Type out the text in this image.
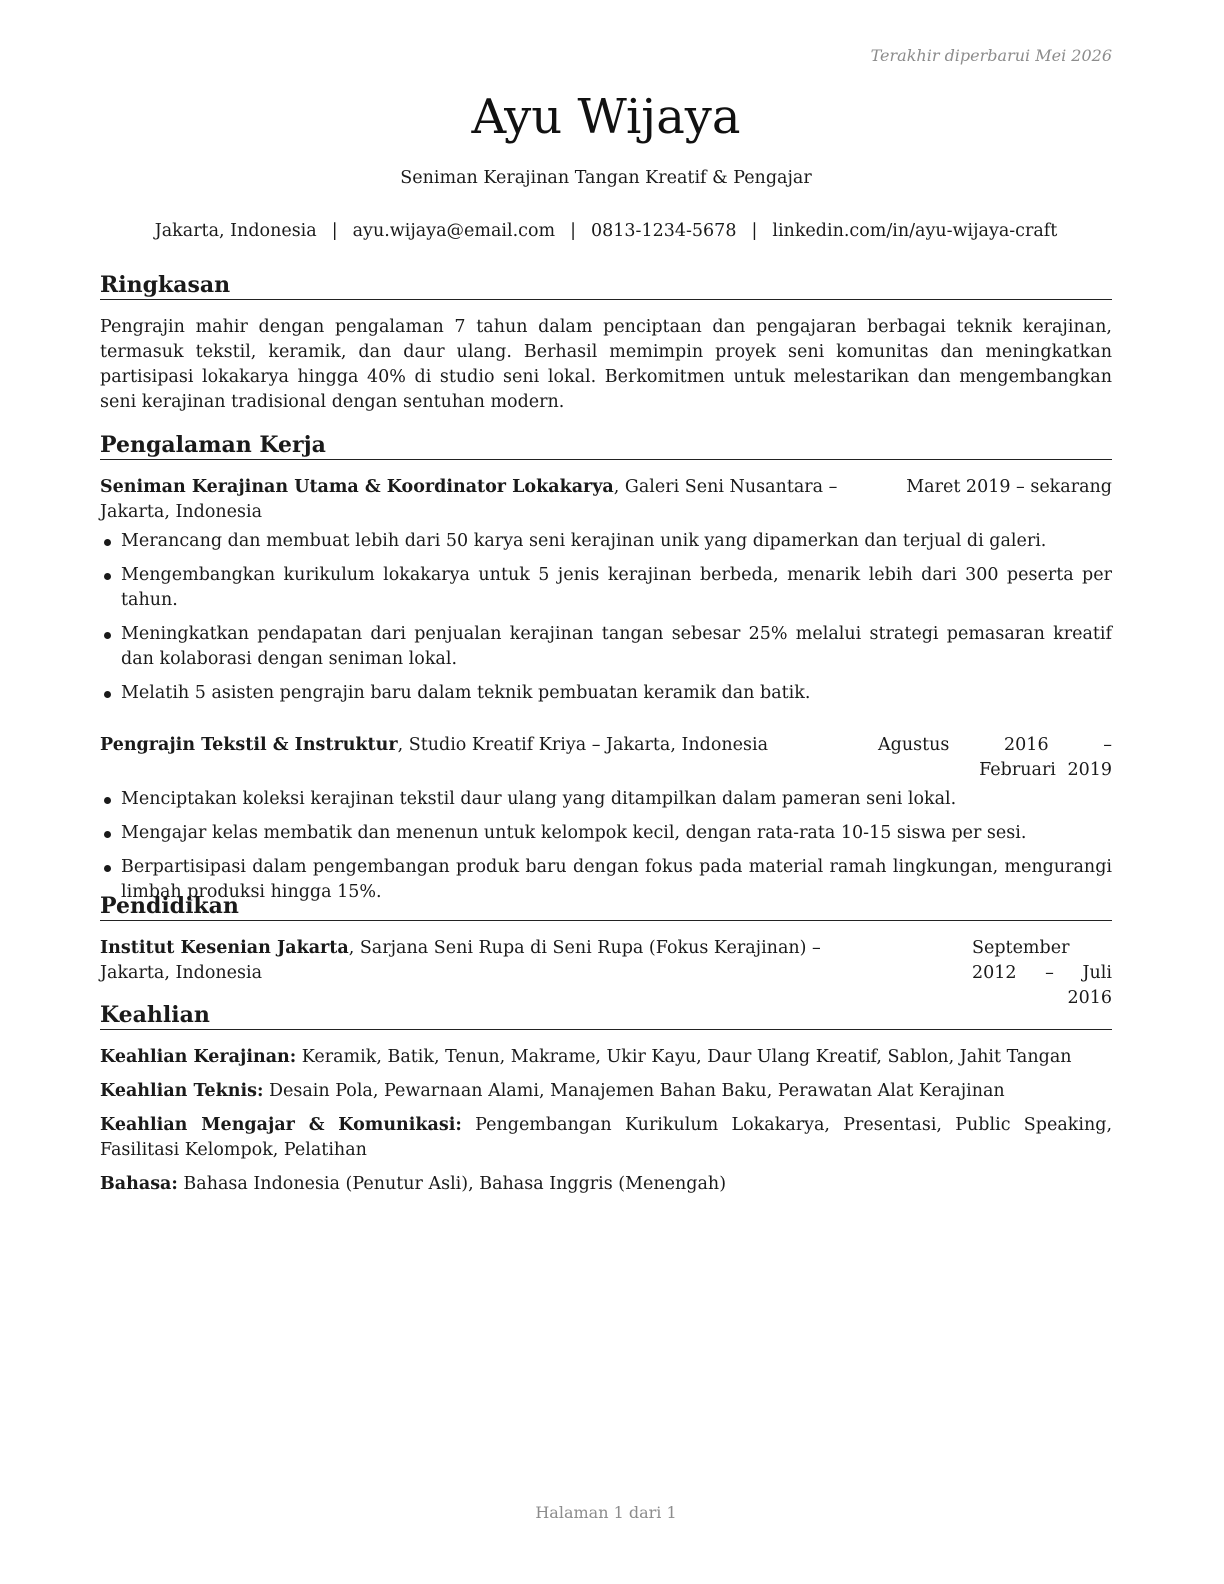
Terakhir diperbarui Mei 2026
Ayu Wijaya
Seniman Kerajinan Tangan Kreatif & Pengajar
Jakarta, Indonesia | ayu.wijaya@email.com | 0813-1234-5678 | linkedin.com/in/ayu-wijaya-craft
Ringkasan

Pengrajin mahir dengan pengalaman 7 tahun dalam penciptaan dan pengajaran berbagai teknik kerajinan, termasuk tekstil, keramik, dan daur ulang. Berhasil memimpin proyek seni komunitas dan meningkatkan partisipasi lokakarya hingga 40% di studio seni lokal. Berkomitmen untuk melestarikan dan mengembangkan seni kerajinan tradisional dengan sentuhan modern.

Pengalaman Kerja
Seniman Kerajinan Utama & Koordinator Lokakarya, Galeri Seni Nusantara – Jakarta, Indonesia
Maret 2019 – sekarang
Merancang dan membuat lebih dari 50 karya seni kerajinan unik yang dipamerkan dan terjual di galeri.
Mengembangkan kurikulum lokakarya untuk 5 jenis kerajinan berbeda, menarik lebih dari 300 peserta per tahun.
Meningkatkan pendapatan dari penjualan kerajinan tangan sebesar 25% melalui strategi pemasaran kreatif dan kolaborasi dengan seniman lokal.
Melatih 5 asisten pengrajin baru dalam teknik pembuatan keramik dan batik.
Pengrajin Tekstil & Instruktur, Studio Kreatif Kriya – Jakarta, Indonesia	Agustus 2016 – Februari 2019
Menciptakan koleksi kerajinan tekstil daur ulang yang ditampilkan dalam pameran seni lokal.
Mengajar kelas membatik dan menenun untuk kelompok kecil, dengan rata-rata 10-15 siswa per sesi.
Berpartisipasi dalam pengembangan produk baru dengan fokus pada material ramah lingkungan, mengurangi limbah produksi hingga 15%.
Pendidikan
Institut Kesenian Jakarta, Sarjana Seni Rupa di Seni Rupa (Fokus Kerajinan) – Jakarta, Indonesia
September 2012 – Juli 2016
Keahlian

Keahlian Kerajinan: Keramik, Batik, Tenun, Makrame, Ukir Kayu, Daur Ulang Kreatif, Sablon, Jahit Tangan

Keahlian Teknis: Desain Pola, Pewarnaan Alami, Manajemen Bahan Baku, Perawatan Alat Kerajinan

Keahlian Mengajar & Komunikasi: Pengembangan Kurikulum Lokakarya, Presentasi, Public Speaking, Fasilitasi Kelompok, Pelatihan

Bahasa: Bahasa Indonesia (Penutur Asli), Bahasa Inggris (Menengah)

Halaman 1 dari 1
